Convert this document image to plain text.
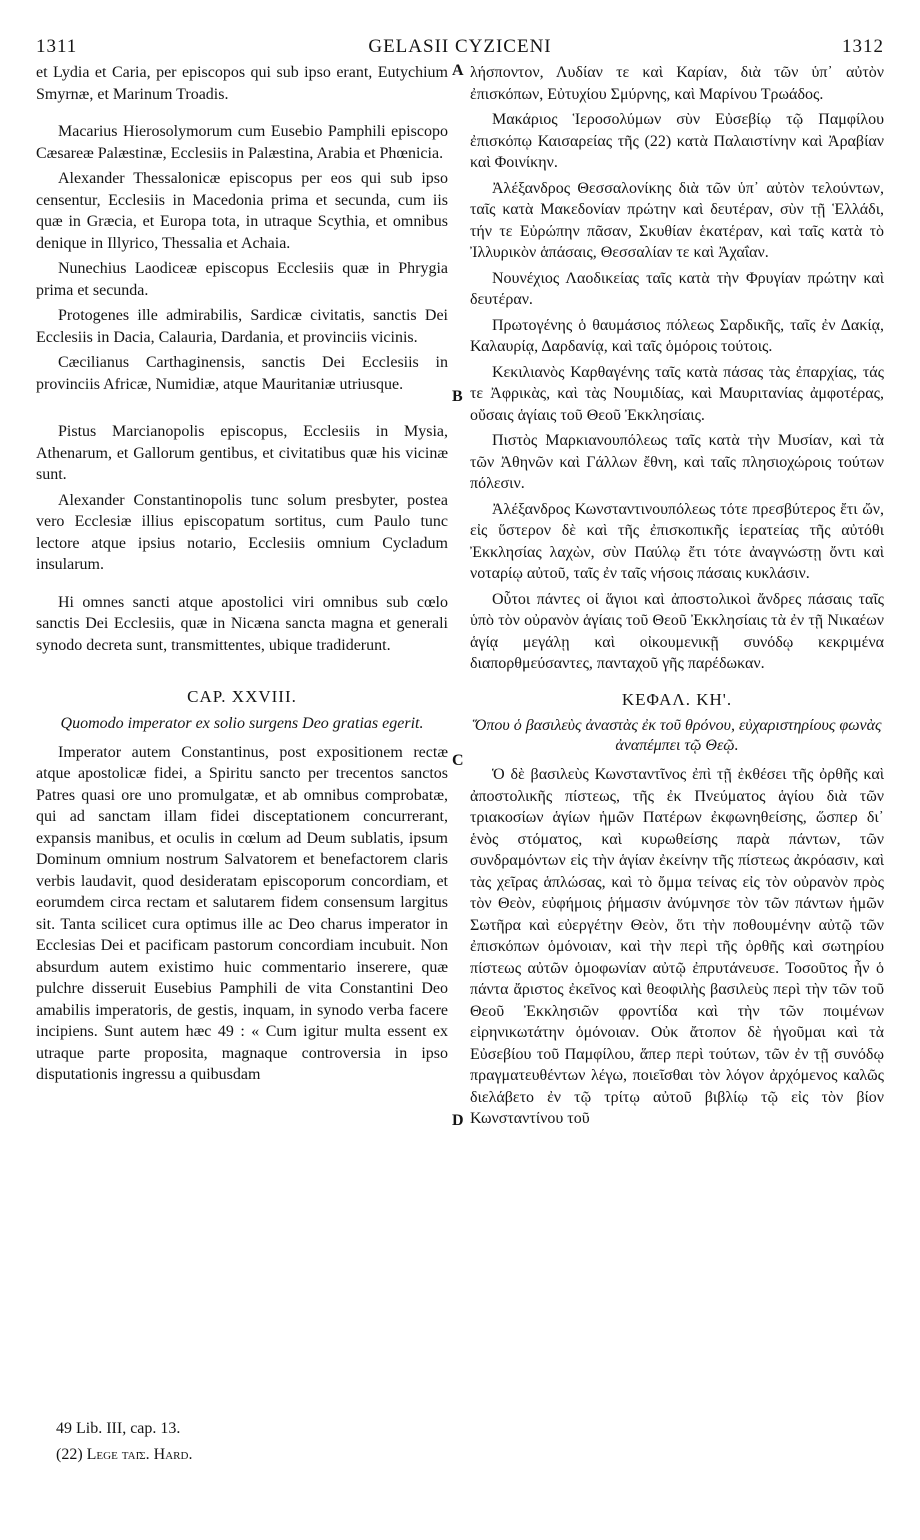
1311	GELASII CYZICENI	1312

et Lydia et Caria, per episcopos qui sub ipso erant, Eutychium Smyrnæ, et Marinum Troadis.

Macarius Hierosolymorum cum Eusebio Pamphili episcopo Cæsareæ Palæstinæ, Ecclesiis in Palæstina, Arabia et Phœnicia.

Alexander Thessalonicæ episcopus per eos qui sub ipso censentur, Ecclesiis in Macedonia prima et secunda, cum iis quæ in Græcia, et Europa tota, in utraque Scythia, et omnibus denique in Illyrico, Thessalia et Achaia.

Nunechius Laodiceæ episcopus Ecclesiis quæ in Phrygia prima et secunda.

Protogenes ille admirabilis, Sardicæ civitatis, sanctis Dei Ecclesiis in Dacia, Calauria, Dardania, et provinciis vicinis.

Cæcilianus Carthaginensis, sanctis Dei Ecclesiis in provinciis Africæ, Numidiæ, atque Mauritaniæ utriusque.

Pistus Marcianopolis episcopus, Ecclesiis in Mysia, Athenarum, et Gallorum gentibus, et civitatibus quæ his vicinæ sunt.

Alexander Constantinopolis tunc solum presbyter, postea vero Ecclesiæ illius episcopatum sortitus, cum Paulo tunc lectore atque ipsius notario, Ecclesiis omnium Cycladum insularum.

Hi omnes sancti atque apostolici viri omnibus sub cœlo sanctis Dei Ecclesiis, quæ in Nicæna sancta magna et generali synodo decreta sunt, transmittentes, ubique tradiderunt.

CAP. XXVIII.
Quomodo imperator ex solio surgens Deo gratias egerit.

Imperator autem Constantinus, post expositionem rectæ atque apostolicæ fidei, a Spiritu sancto per trecentos sanctos Patres quasi ore uno promulgatæ, et ab omnibus comprobatæ, qui ad sanctam illam fidei disceptationem concurrerant, expansis manibus, et oculis in cœlum ad Deum sublatis, ipsum Dominum omnium nostrum Salvatorem et benefactorem claris verbis laudavit, quod desideratam episcoporum concordiam, et eorumdem circa rectam et salutarem fidem consensum largitus sit. Tanta scilicet cura optimus ille ac Deo charus imperator in Ecclesias Dei et pacificam pastorum concordiam incubuit. Non absurdum autem existimo huic commentario inserere, quæ pulchre disseruit Eusebius Pamphili de vita Constantini Deo amabilis imperatoris, de gestis, inquam, in synodo verba facere incipiens. Sunt autem hæc 49 : « Cum igitur multa essent ex utraque parte proposita, magnaque controversia in ipso disputationis ingressu a quibusdam

A
B
C
D

λήσποντον, Λυδίαν τε καὶ Καρίαν, διὰ τῶν ὑπ᾽ αὐτὸν ἐπισκόπων, Εὐτυχίου Σμύρνης, καὶ Μαρίνου Τρωάδος.

Μακάριος Ἱεροσολύμων σὺν Εὐσεβίῳ τῷ Παμφίλου ἐπισκόπῳ Καισαρείας τῆς (22) κατὰ Παλαιστίνην καὶ Ἀραβίαν καὶ Φοινίκην.

Ἀλέξανδρος Θεσσαλονίκης διὰ τῶν ὑπ᾽ αὐτὸν τελούντων, ταῖς κατὰ Μακεδονίαν πρώτην καὶ δευτέραν, σὺν τῇ Ἑλλάδι, τήν τε Εὐρώπην πᾶσαν, Σκυθίαν ἑκατέραν, καὶ ταῖς κατὰ τὸ Ἰλλυρικὸν ἁπάσαις, Θεσσαλίαν τε καὶ Ἀχαΐαν.

Νουνέχιος Λαοδικείας ταῖς κατὰ τὴν Φρυγίαν πρώτην καὶ δευτέραν.

Πρωτογένης ὁ θαυμάσιος πόλεως Σαρδικῆς, ταῖς ἐν Δακίᾳ, Καλαυρίᾳ, Δαρδανίᾳ, καὶ ταῖς ὁμόροις τούτοις.

Κεκιλιανὸς Καρθαγένης ταῖς κατὰ πάσας τὰς ἐπαρχίας, τάς τε Ἀφρικὰς, καὶ τὰς Νουμιδίας, καὶ Μαυριτανίας ἀμφοτέρας, οὔσαις ἁγίαις τοῦ Θεοῦ Ἐκκλησίαις.

Πιστὸς Μαρκιανουπόλεως ταῖς κατὰ τὴν Μυσίαν, καὶ τὰ τῶν Ἀθηνῶν καὶ Γάλλων ἔθνη, καὶ ταῖς πλησιοχώροις τούτων πόλεσιν.

Ἀλέξανδρος Κωνσταντινουπόλεως τότε πρεσβύτερος ἔτι ὤν, εἰς ὕστερον δὲ καὶ τῆς ἐπισκοπικῆς ἱερατείας τῆς αὐτόθι Ἐκκλησίας λαχὼν, σὺν Παύλῳ ἔτι τότε ἀναγνώστῃ ὄντι καὶ νοταρίῳ αὐτοῦ, ταῖς ἐν ταῖς νήσοις πάσαις κυκλάσιν.

Οὗτοι πάντες οἱ ἅγιοι καὶ ἀποστολικοὶ ἄνδρες πάσαις ταῖς ὑπὸ τὸν οὐρανὸν ἁγίαις τοῦ Θεοῦ Ἐκκλησίαις τὰ ἐν τῇ Νικαέων ἁγίᾳ μεγάλῃ καὶ οἰκουμενικῇ συνόδῳ κεκριμένα διαπορθμεύσαντες, πανταχοῦ γῆς παρέδωκαν.

ΚΕΦΑΛ. ΚΗ'.
Ὅπου ὁ βασιλεὺς ἀναστὰς ἐκ τοῦ θρόνου, εὐχαριστηρίους φωνὰς ἀναπέμπει τῷ Θεῷ.

Ὁ δὲ βασιλεὺς Κωνσταντῖνος ἐπὶ τῇ ἐκθέσει τῆς ὀρθῆς καὶ ἀποστολικῆς πίστεως, τῆς ἐκ Πνεύματος ἁγίου διὰ τῶν τριακοσίων ἁγίων ἡμῶν Πατέρων ἐκφωνηθείσης, ὥσπερ δι᾽ ἑνὸς στόματος, καὶ κυρωθείσης παρὰ πάντων, τῶν συνδραμόντων εἰς τὴν ἁγίαν ἐκείνην τῆς πίστεως ἀκρόασιν, καὶ τὰς χεῖρας ἁπλώσας, καὶ τὸ ὄμμα τείνας εἰς τὸν οὐρανὸν πρὸς τὸν Θεὸν, εὐφήμοις ῥήμασιν ἀνύμνησε τὸν τῶν πάντων ἡμῶν Σωτῆρα καὶ εὐεργέτην Θεὸν, ὅτι τὴν ποθουμένην αὐτῷ τῶν ἐπισκόπων ὁμόνοιαν, καὶ τὴν περὶ τῆς ὀρθῆς καὶ σωτηρίου πίστεως αὐτῶν ὁμοφωνίαν αὐτῷ ἐπρυτάνευσε. Τοσοῦτος ἦν ὁ πάντα ἄριστος ἐκεῖνος καὶ θεοφιλὴς βασιλεὺς περὶ τὴν τῶν τοῦ Θεοῦ Ἐκκλησιῶν φροντίδα καὶ τὴν τῶν ποιμένων εἰρηνικωτάτην ὁμόνοιαν. Οὐκ ἄτοπον δὲ ἡγοῦμαι καὶ τὰ Εὐσεβίου τοῦ Παμφίλου, ἅπερ περὶ τούτων, τῶν ἐν τῇ συνόδῳ πραγματευθέντων λέγω, ποιεῖσθαι τὸν λόγον ἀρχόμενος καλῶς διελάβετο ἐν τῷ τρίτῳ αὐτοῦ βιβλίῳ τῷ εἰς τὸν βίον Κωνσταντίνου τοῦ

49 Lib. III, cap. 13.
(22) Lege ταῖς. Hard.
